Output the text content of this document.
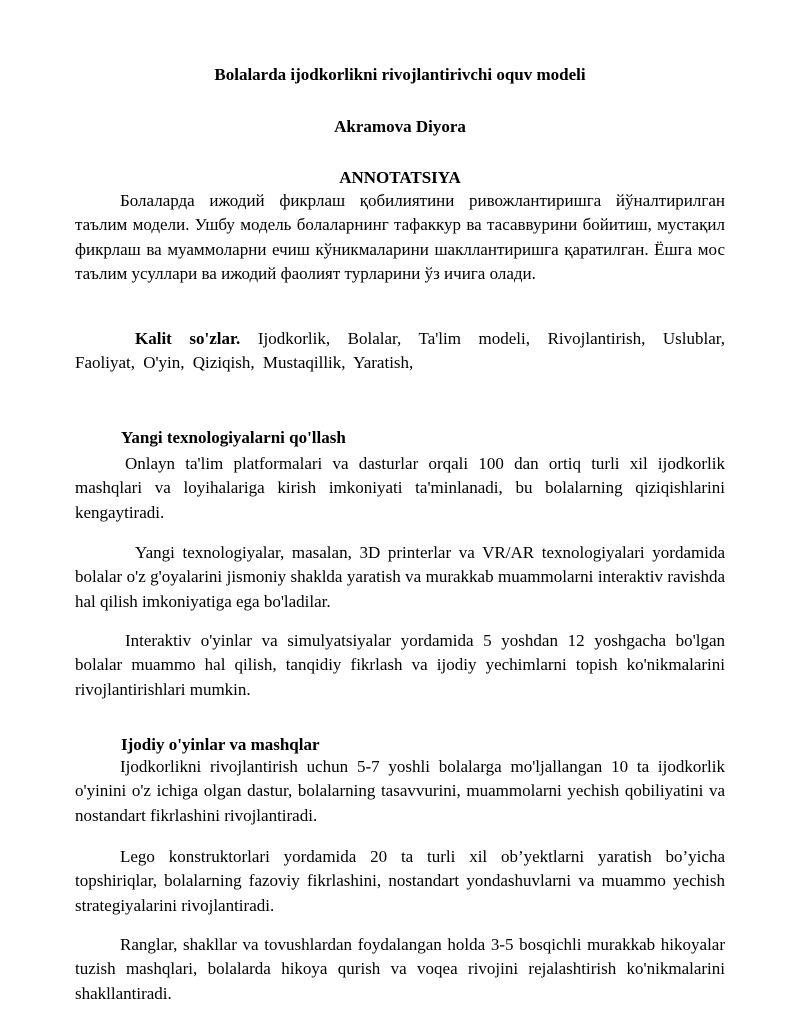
Bolalarda ijodkorlikni rivojlantirivchi oquv modeli
Akramova Diyora
ANNOTATSIYA
Болаларда ижодий фикрлаш қобилиятини ривожлантиришга йўналтирилган таълим модели. Ушбу модель болаларнинг тафаккур ва тасаввурини бойитиш, мустақил фикрлаш ва муаммоларни ечиш кўникмаларини шакллантиришга қаратилган. Ёшга мос таълим усуллари ва ижодий фаолият турларини ўз ичига олади.
Kalit so'zlar. Ijodkorlik, Bolalar, Ta'lim modeli, Rivojlantirish, Uslublar, Faoliyat, O'yin, Qiziqish, Mustaqillik, Yaratish,
Yangi texnologiyalarni qo'llash
Onlayn ta'lim platformalari va dasturlar orqali 100 dan ortiq turli xil ijodkorlik mashqlari va loyihalariga kirish imkoniyati ta'minlanadi, bu bolalarning qiziqishlarini kengaytiradi.
Yangi texnologiyalar, masalan, 3D printerlar va VR/AR texnologiyalari yordamida bolalar o'z g'oyalarini jismoniy shaklda yaratish va murakkab muammolarni interaktiv ravishda hal qilish imkoniyatiga ega bo'ladilar.
Interaktiv o'yinlar va simulyatsiyalar yordamida 5 yoshdan 12 yoshgacha bo'lgan bolalar muammo hal qilish, tanqidiy fikrlash va ijodiy yechimlarni topish ko'nikmalarini rivojlantirishlari mumkin.
Ijodiy o'yinlar va mashqlar
Ijodkorlikni rivojlantirish uchun 5-7 yoshli bolalarga mo'ljallangan 10 ta ijodkorlik o'yinini o'z ichiga olgan dastur, bolalarning tasavvurini, muammolarni yechish qobiliyatini va nostandart fikrlashini rivojlantiradi.
Lego konstruktorlari yordamida 20 ta turli xil ob’yektlarni yaratish bo’yicha topshiriqlar, bolalarning fazoviy fikrlashini, nostandart yondashuvlarni va muammo yechish strategiyalarini rivojlantiradi.
Ranglar, shakllar va tovushlardan foydalangan holda 3-5 bosqichli murakkab hikoyalar tuzish mashqlari, bolalarda hikoya qurish va voqea rivojini rejalashtirish ko'nikmalarini shakllantiradi.
